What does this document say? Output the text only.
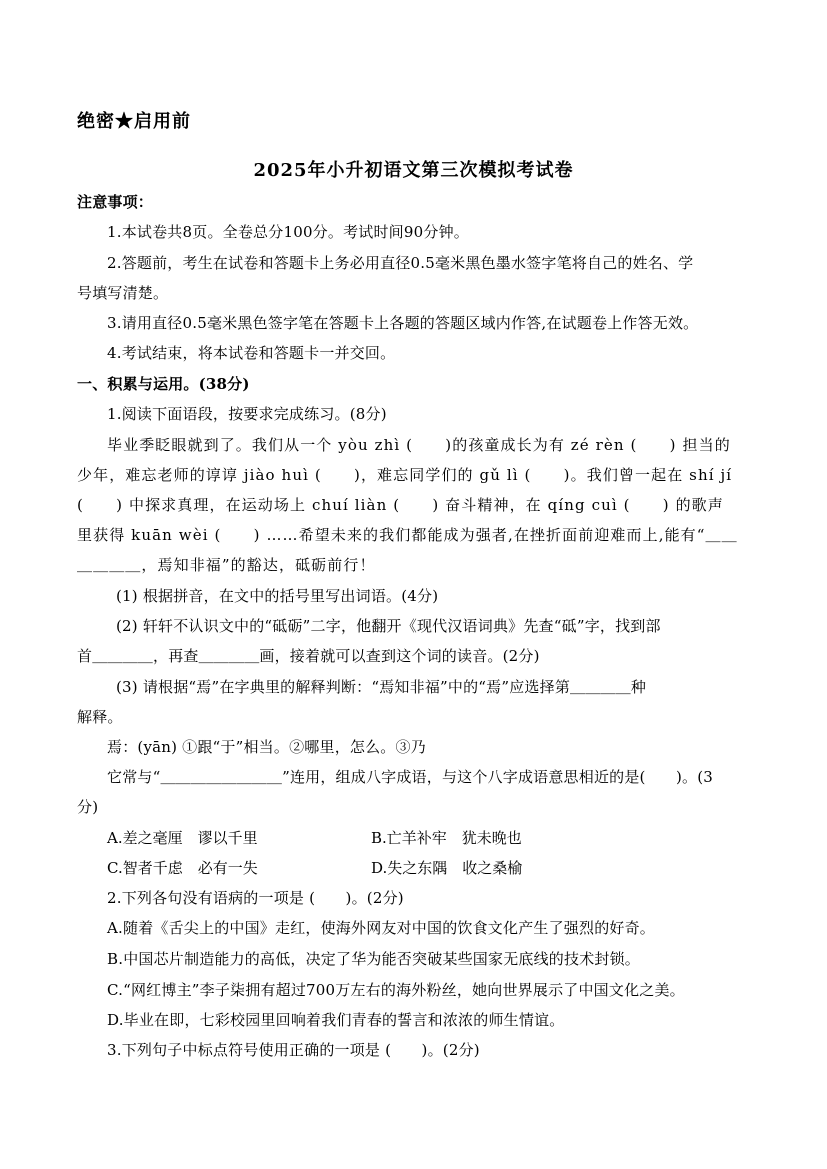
绝密★启用前
2025年小升初语文第三次模拟考试卷
注意事项：
1.本试卷共8页。全卷总分100分。考试时间90分钟。
2.答题前，考生在试卷和答题卡上务必用直径0.5毫米黑色墨水签字笔将自己的姓名、学
号填写清楚。
3.请用直径0.5毫米黑色签字笔在答题卡上各题的答题区域内作答,在试题卷上作答无效。
4.考试结束，将本试卷和答题卡一并交回。
一、积累与运用。(38分)
1.阅读下面语段，按要求完成练习。(8分)
毕业季眨眼就到了。我们从一个 yòu zhì (　　)的孩童成长为有 zé rèn (　　) 担当的
少年，难忘老师的谆谆 jiào huì (　　)，难忘同学们的 gǔ lì (　　)。我们曾一起在 shí jí
(　　) 中探求真理，在运动场上 chuí liàn (　　) 奋斗精神，在 qíng cuì (　　) 的歌声
里获得 kuān wèi (　　) ……希望未来的我们都能成为强者,在挫折面前迎难而上,能有“＿＿
＿＿＿＿，焉知非福”的豁达，砥砺前行！
(1) 根据拼音，在文中的括号里写出词语。(4分)
(2) 轩轩不认识文中的“砥砺”二字，他翻开《现代汉语词典》先查“砥”字，找到部
首＿＿＿＿，再查＿＿＿＿画，接着就可以查到这个词的读音。(2分)
(3) 请根据“焉”在字典里的解释判断：“焉知非福”中的“焉”应选择第＿＿＿＿种
解释。
焉：(yān) ①跟“于”相当。②哪里，怎么。③乃
它常与“＿＿＿＿＿＿＿＿”连用，组成八字成语，与这个八字成语意思相近的是(　　)。(3
分)
A.差之毫厘　谬以千里	B.亡羊补牢　犹未晚也
C.智者千虑　必有一失	D.失之东隅　收之桑榆
2.下列各句没有语病的一项是 (　　)。(2分)
A.随着《舌尖上的中国》走红，使海外网友对中国的饮食文化产生了强烈的好奇。
B.中国芯片制造能力的高低，决定了华为能否突破某些国家无底线的技术封锁。
C.“网红博主”李子柒拥有超过700万左右的海外粉丝，她向世界展示了中国文化之美。
D.毕业在即，七彩校园里回响着我们青春的誓言和浓浓的师生情谊。
3.下列句子中标点符号使用正确的一项是 (　　)。(2分)
